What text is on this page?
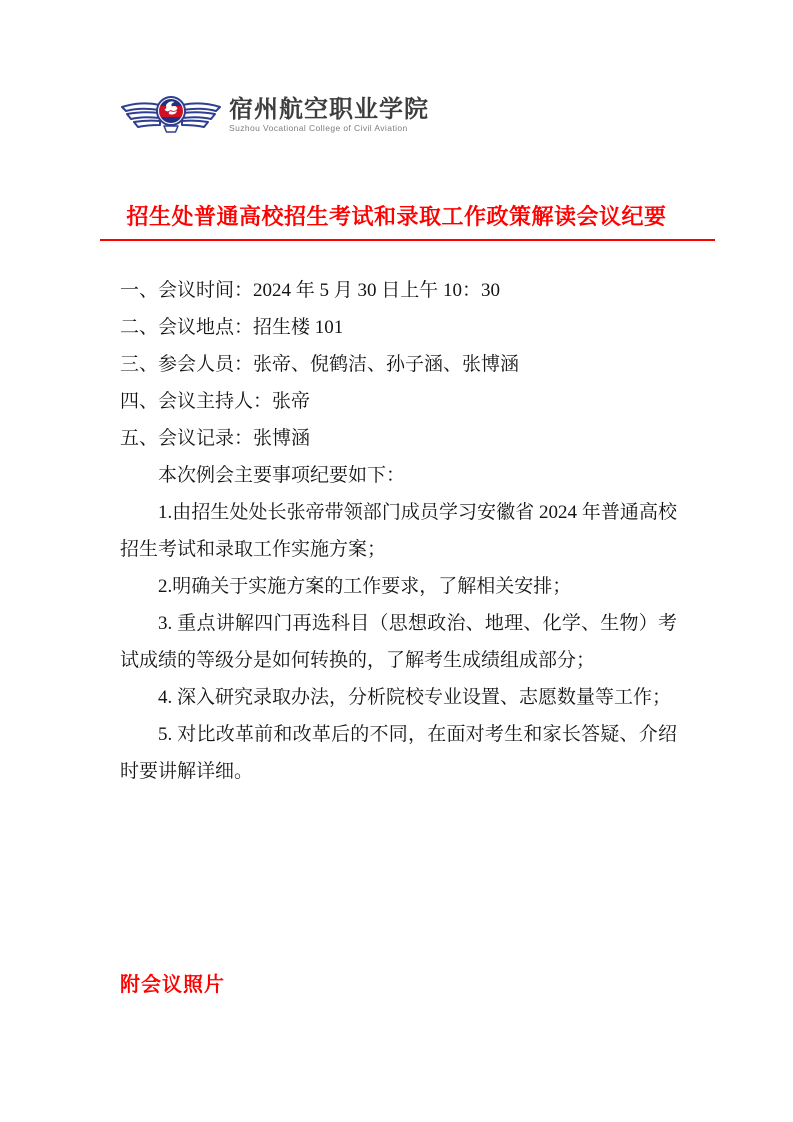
宿州航空职业学院
Suzhou Vocational College of Civil Aviation
招生处普通高校招生考试和录取工作政策解读会议纪要

一、会议时间：2024 年 5 月 30 日上午 10：30

二、会议地点：招生楼 101

三、参会人员：张帝、倪鹤洁、孙子涵、张博涵

四、会议主持人：张帝

五、会议记录：张博涵

本次例会主要事项纪要如下：

1.由招生处处长张帝带领部门成员学习安徽省 2024 年普通高校招生考试和录取工作实施方案；

2.明确关于实施方案的工作要求，了解相关安排；

3. 重点讲解四门再选科目（思想政治、地理、化学、生物）考试成绩的等级分是如何转换的，了解考生成绩组成部分；

4. 深入研究录取办法，分析院校专业设置、志愿数量等工作；

5. 对比改革前和改革后的不同，在面对考生和家长答疑、介绍时要讲解详细。

附会议照片
